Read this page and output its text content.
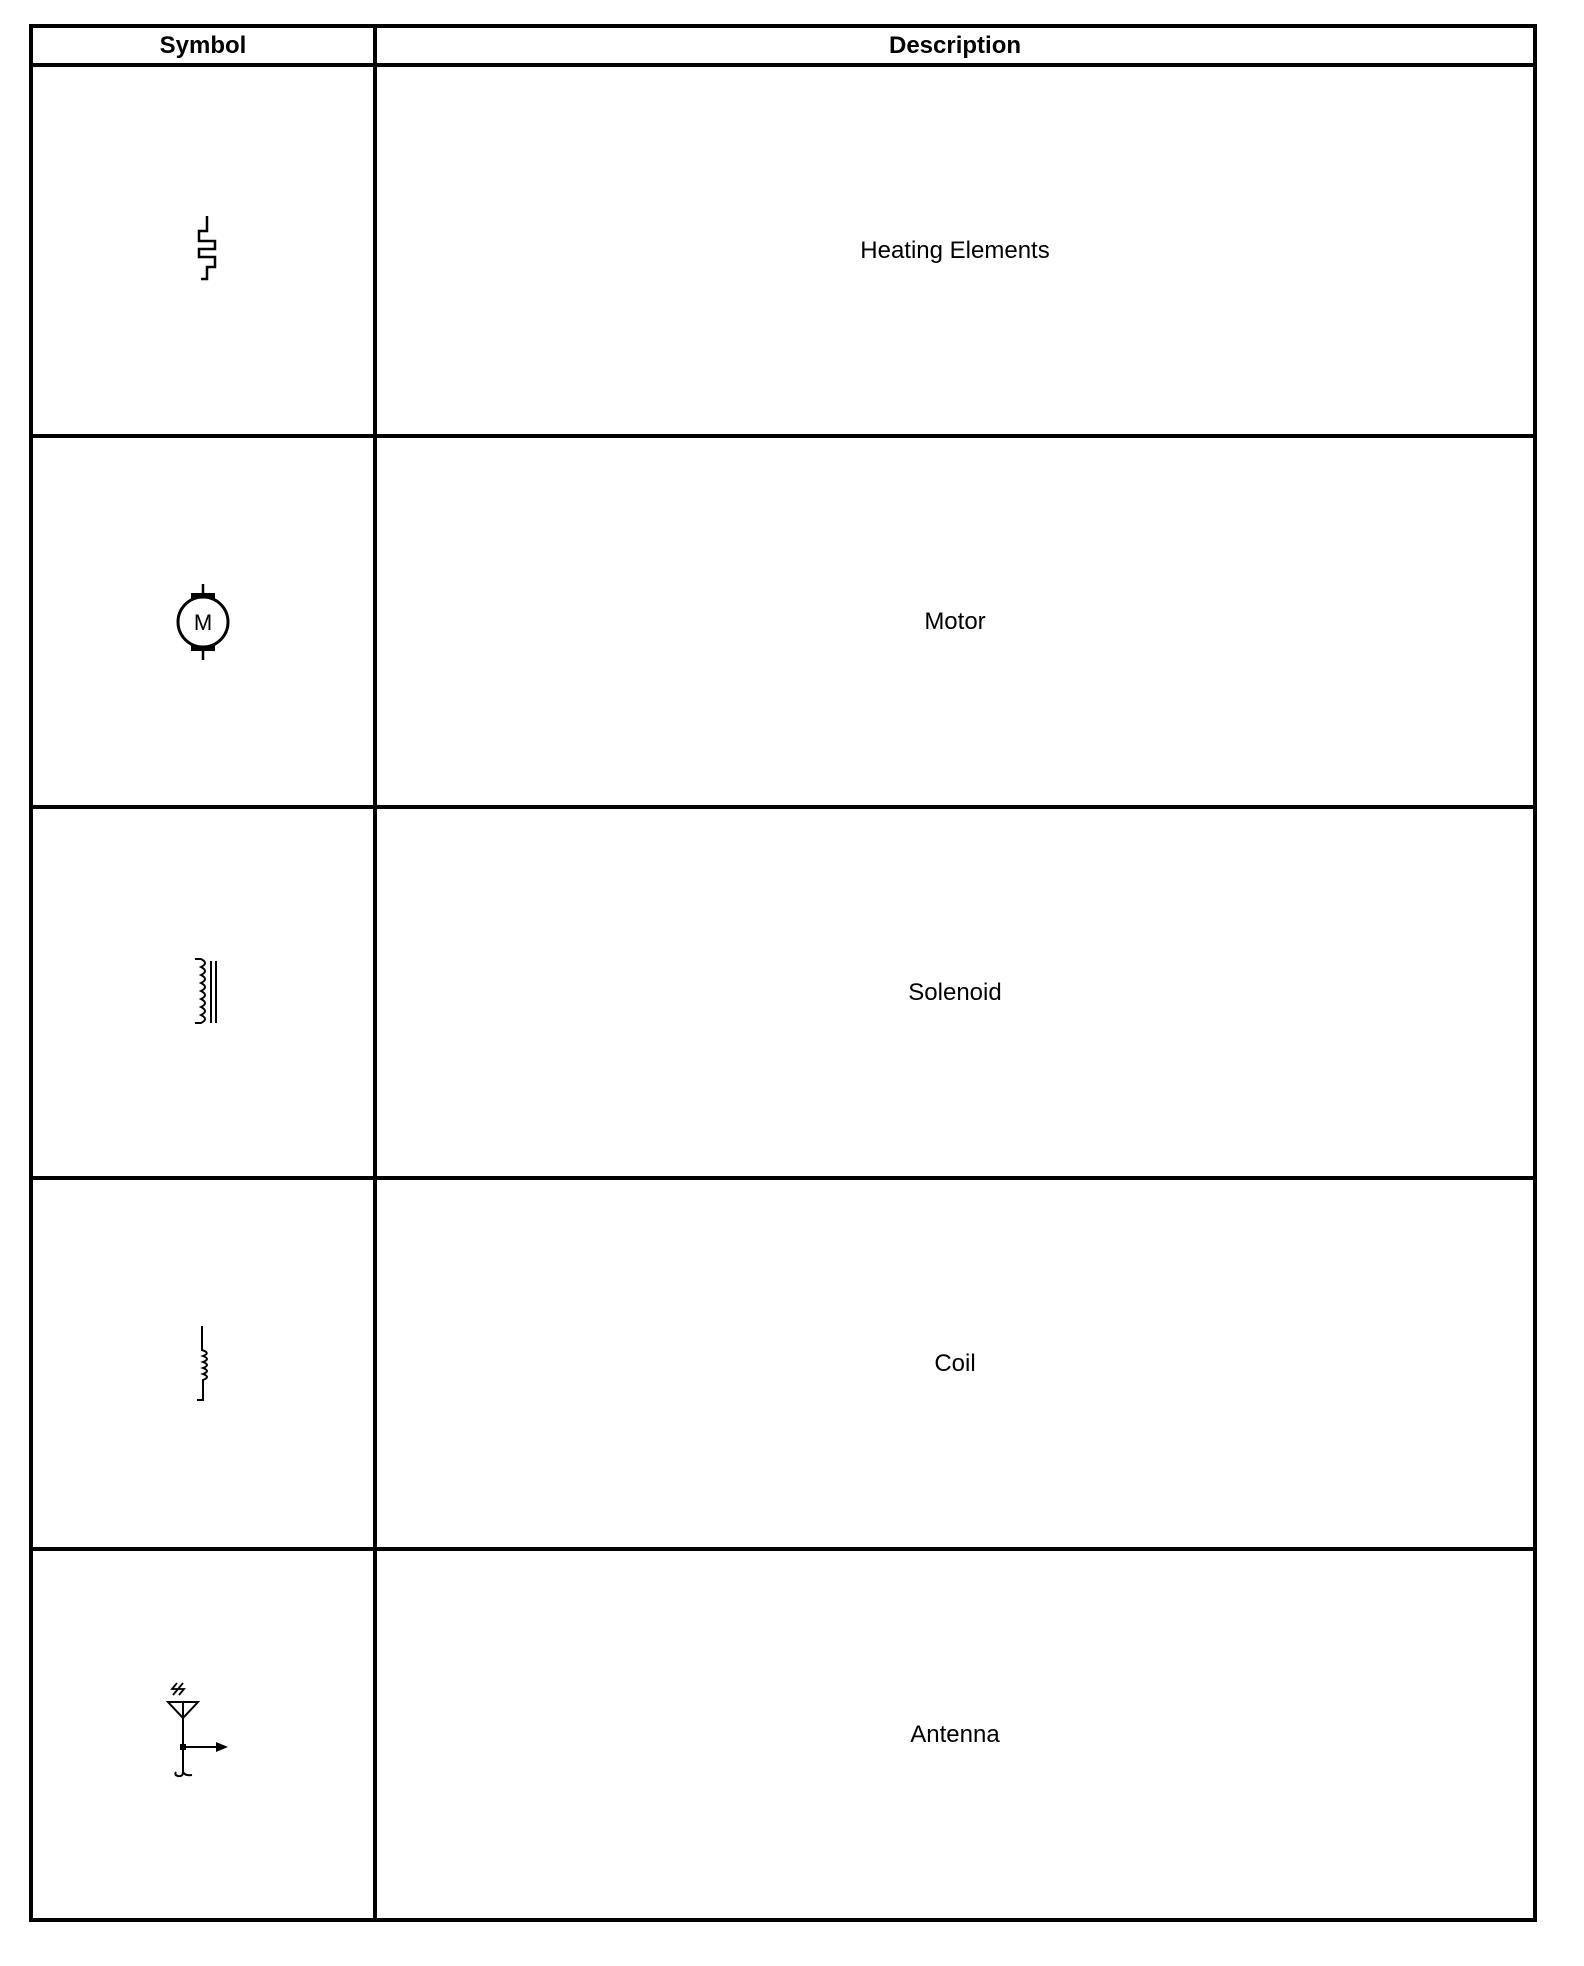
Symbol	Description

	Heating Elements

M	Motor

	Solenoid

	Coil

	Antenna
